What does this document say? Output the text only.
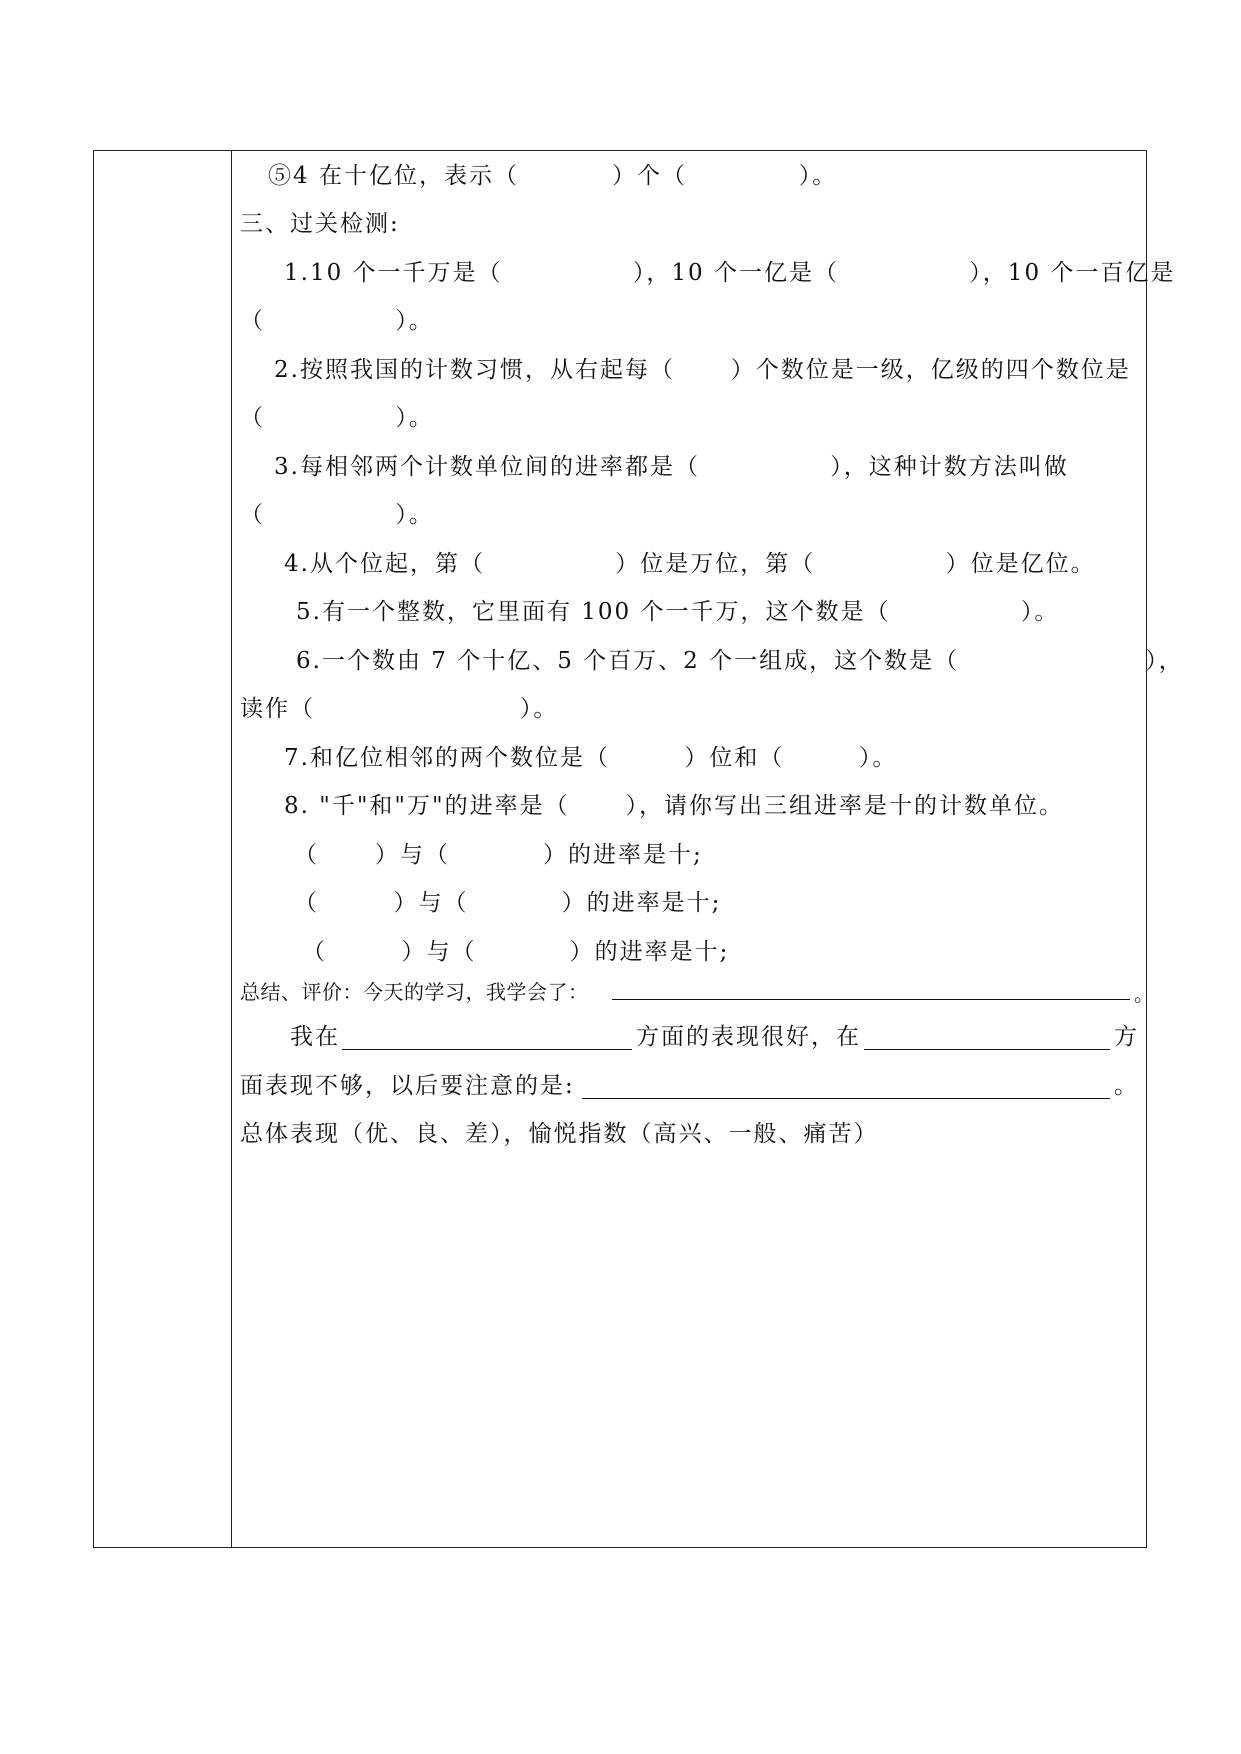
⑤4 在十亿位，表示（          ）个（            ）。
三、过关检测:
1.10 个一千万是（              ），10 个一亿是（              ），10 个一百亿是
（              ）。
2.按照我国的计数习惯，从右起每（      ）个数位是一级，亿级的四个数位是
（              ）。
3.每相邻两个计数单位间的进率都是（              ），这种计数方法叫做
（              ）。
4.从个位起，第（              ）位是万位，第（              ）位是亿位。
5.有一个整数，它里面有 100 个一千万，这个数是（              ）。
6.一个数由 7 个十亿、5 个百万、2 个一组成，这个数是（                    ），
读作（                      ）。
7.和亿位相邻的两个数位是（        ）位和（        ）。
8. "千"和"万"的进率是（      ），请你写出三组进率是十的计数单位。
（      ）与（          ）的进率是十;
（        ）与（          ）的进率是十;
（        ）与（          ）的进率是十;
总结、评价：今天的学习，我学会了：	。
我在	方面的表现很好，在	方
面表现不够，以后要注意的是:	。
总体表现（优、良、差），愉悦指数（高兴、一般、痛苦）
